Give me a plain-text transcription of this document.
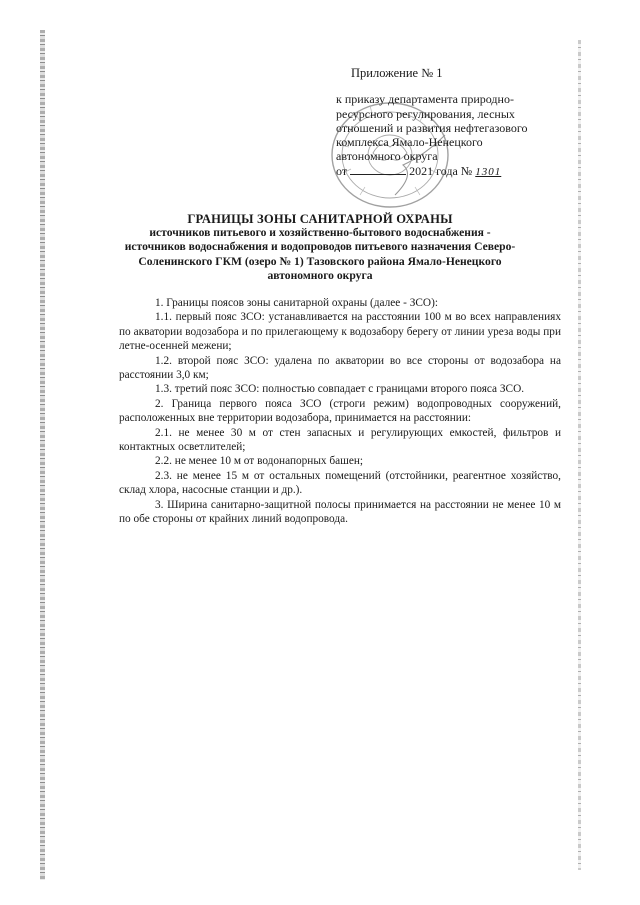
Приложение № 1
к приказу департамента природно-
ресурсного регулирования, лесных
отношений и развития нефтегазового
комплекса Ямало-Ненецкого
автономного округа
от	2021 года № 1301
ГРАНИЦЫ ЗОНЫ САНИТАРНОЙ ОХРАНЫ
источников питьевого и хозяйственно-бытового водоснабжения - источников водоснабжения и водопроводов питьевого назначения Северо-Соленинского ГКМ (озеро № 1) Тазовского района Ямало-Ненецкого автономного округа

1. Границы поясов зоны санитарной охраны (далее - ЗСО):

1.1. первый пояс ЗСО: устанавливается на расстоянии 100 м во всех направлениях по акватории водозабора и по прилегающему к водозабору берегу от линии уреза воды при летне-осенней межени;

1.2. второй пояс ЗСО: удалена по акватории во все стороны от водозабора на расстоянии 3,0 км;

1.3. третий пояс ЗСО: полностью совпадает с границами второго пояса ЗСО.

2. Граница первого пояса ЗСО (строги режим) водопроводных сооружений, расположенных вне территории водозабора, принимается на расстоянии:

2.1. не менее 30 м от стен запасных и регулирующих емкостей, фильтров и контактных осветлителей;

2.2. не менее 10 м от водонапорных башен;

2.3. не менее 15 м от остальных помещений (отстойники, реагентное хозяйство, склад хлора, насосные станции и др.).

3. Ширина санитарно-защитной полосы принимается на расстоянии не менее 10 м по обе стороны от крайних линий водопровода.
